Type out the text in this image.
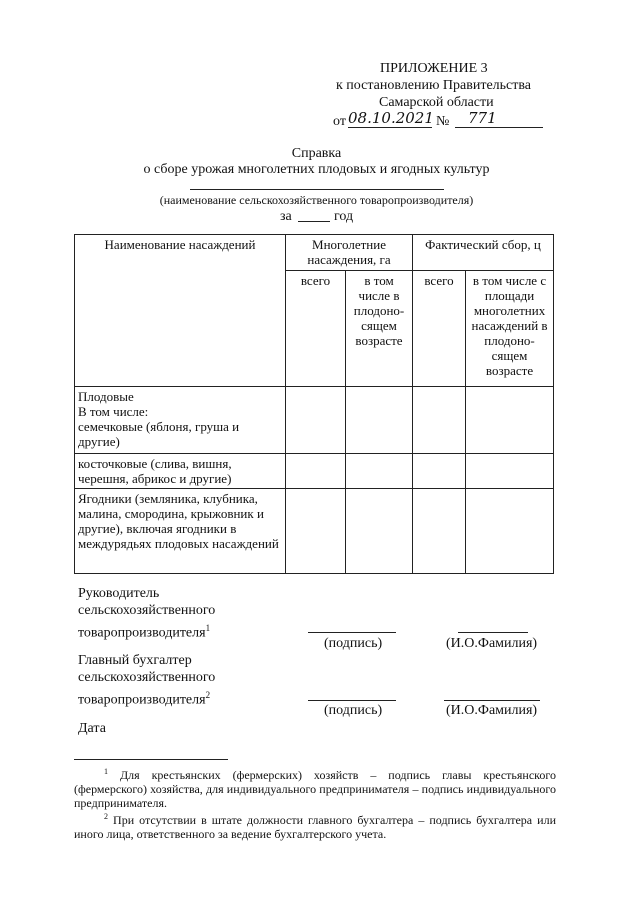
ПРИЛОЖЕНИЕ 3
к постановлению Правительства
Самарской области
от 08.10.2021 № 771
Справка
о сборе урожая многолетних плодовых и ягодных культур
(наименование сельскохозяйственного товаропроизводителя)
за	год
Наименование насаждений	Многолетние насаждения, га		Фактический сбор, ц	
	всего	в том числе в плодоно-сящем возрасте	всего	в том числе с площади многолетних насаждений в плодоно-сящем возрасте
Плодовые
В том числе:
семечковые (яблоня, груша и другие)				
косточковые (слива, вишня, черешня, абрикос и другие)				
Ягодники (земляника, клубника, малина, смородина, крыжовник и другие), включая ягодники в междурядьях плодовых насаждений				
Руководитель
сельскохозяйственного
товаропроизводителя$^1$
(подпись)	(И.О.Фамилия)
Главный бухгалтер
сельскохозяйственного
товаропроизводителя$^2$
(подпись)	(И.О.Фамилия)
Дата
$^1$ Для крестьянских (фермерских) хозяйств – подпись главы крестьянского (фермерского) хозяйства, для индивидуального предпринимателя – подпись индивидуального предпринимателя.
$^2$ При отсутствии в штате должности главного бухгалтера – подпись бухгалтера или иного лица, ответственного за ведение бухгалтерского учета.
